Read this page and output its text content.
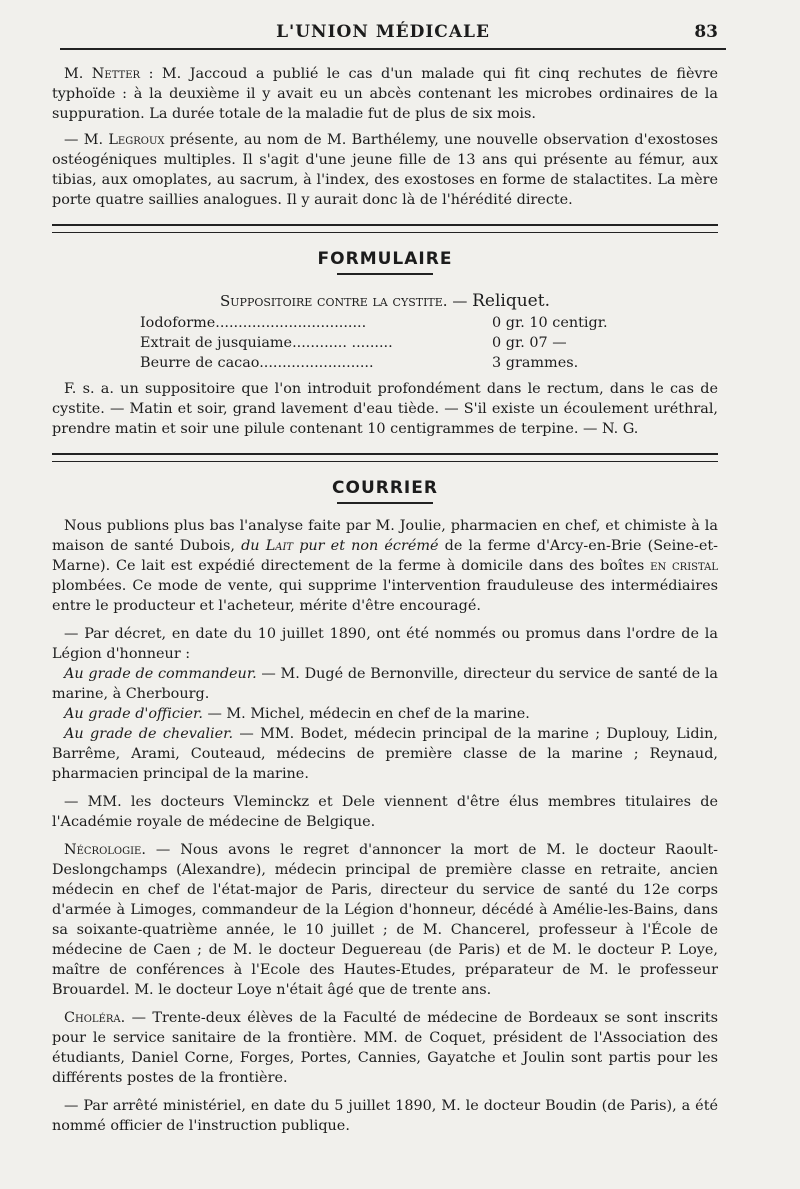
L'UNION MÉDICALE	83

M. Netter : M. Jaccoud a publié le cas d'un malade qui fit cinq rechutes de fièvre typhoïde : à la deuxième il y avait eu un abcès contenant les microbes ordinaires de la suppuration. La durée totale de la maladie fut de plus de six mois.

— M. Legroux présente, au nom de M. Barthélemy, une nouvelle observation d'exostoses ostéogéniques multiples. Il s'agit d'une jeune fille de 13 ans qui présente au fémur, aux tibias, aux omoplates, au sacrum, à l'index, des exostoses en forme de stalactites. La mère porte quatre saillies analogues. Il y aurait donc là de l'hérédité directe.

FORMULAIRE
Suppositoire contre la cystite. — Reliquet.
Iodoforme.................................	0 gr. 10 centigr.
Extrait de jusquiame............ .........	0 gr. 07 —
Beurre de cacao.........................	3 grammes.

F. s. a. un suppositoire que l'on introduit profondément dans le rectum, dans le cas de cystite. — Matin et soir, grand lavement d'eau tiède. — S'il existe un écoulement uréthral, prendre matin et soir une pilule contenant 10 centigrammes de terpine. — N. G.

COURRIER

Nous publions plus bas l'analyse faite par M. Joulie, pharmacien en chef, et chimiste à la maison de santé Dubois, du Lait pur et non écrémé de la ferme d'Arcy-en-Brie (Seine-et-Marne). Ce lait est expédié directement de la ferme à domicile dans des boîtes en cristal plombées. Ce mode de vente, qui supprime l'intervention frauduleuse des intermédiaires entre le producteur et l'acheteur, mérite d'être encouragé.

— Par décret, en date du 10 juillet 1890, ont été nommés ou promus dans l'ordre de la Légion d'honneur :

Au grade de commandeur. — M. Dugé de Bernonville, directeur du service de santé de la marine, à Cherbourg.

Au grade d'officier. — M. Michel, médecin en chef de la marine.

Au grade de chevalier. — MM. Bodet, médecin principal de la marine ; Duplouy, Lidin, Barrême, Arami, Couteaud, médecins de première classe de la marine ; Reynaud, pharmacien principal de la marine.

— MM. les docteurs Vleminckz et Dele viennent d'être élus membres titulaires de l'Académie royale de médecine de Belgique.

Nécrologie. — Nous avons le regret d'annoncer la mort de M. le docteur Raoult-Deslongchamps (Alexandre), médecin principal de première classe en retraite, ancien médecin en chef de l'état-major de Paris, directeur du service de santé du 12e corps d'armée à Limoges, commandeur de la Légion d'honneur, décédé à Amélie-les-Bains, dans sa soixante-quatrième année, le 10 juillet ; de M. Chancerel, professeur à l'École de médecine de Caen ; de M. le docteur Deguereau (de Paris) et de M. le docteur P. Loye, maître de conférences à l'Ecole des Hautes-Etudes, préparateur de M. le professeur Brouardel. M. le docteur Loye n'était âgé que de trente ans.

Choléra. — Trente-deux élèves de la Faculté de médecine de Bordeaux se sont inscrits pour le service sanitaire de la frontière. MM. de Coquet, président de l'Association des étudiants, Daniel Corne, Forges, Portes, Cannies, Gayatche et Joulin sont partis pour les différents postes de la frontière.

— Par arrêté ministériel, en date du 5 juillet 1890, M. le docteur Boudin (de Paris), a été nommé officier de l'instruction publique.
